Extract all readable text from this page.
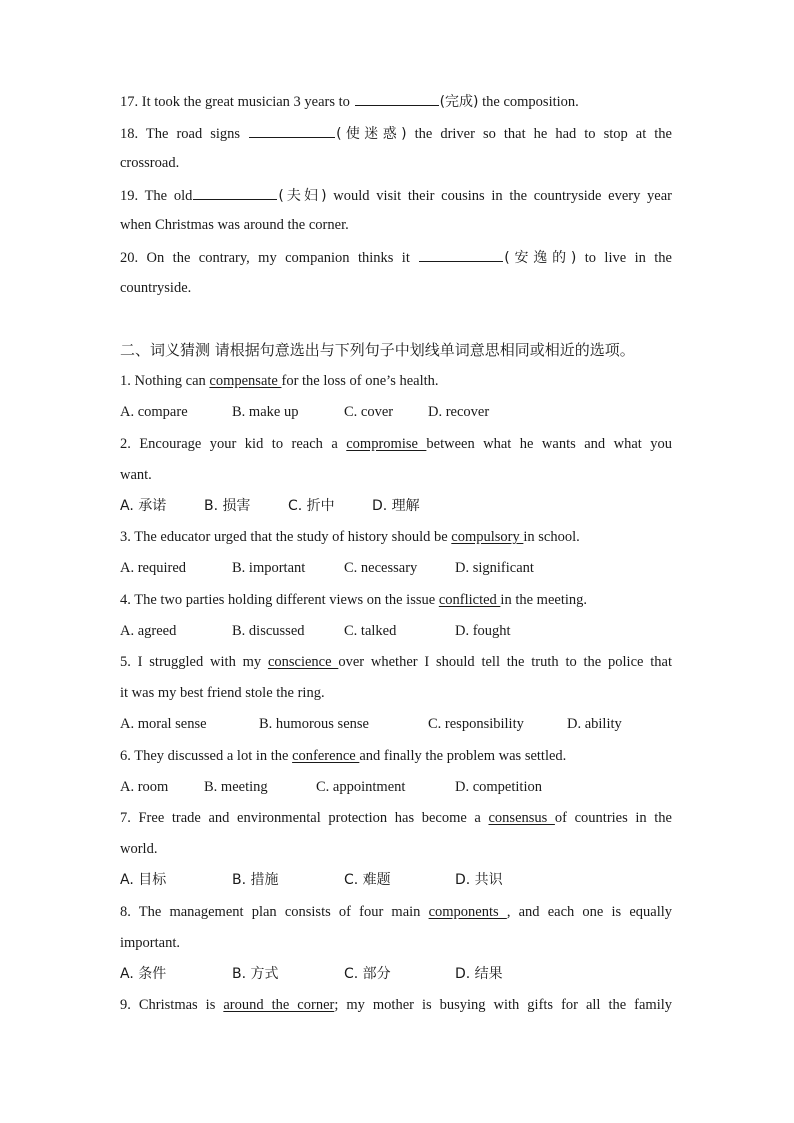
17. It took the great musician 3 years to	(完成) the composition.
18. The road signs	(使迷惑) the driver so that he had to stop at the
crossroad.
19. The old	(夫妇) would visit their cousins in the countryside every year
when Christmas was around the corner.
20. On the contrary, my companion thinks it	(安逸的) to live in the
countryside.
二、词义猜测 请根据句意选出与下列句子中划线单词意思相同或相近的选项。
1. Nothing can compensate for the loss of one’s health.
A. compare	B. make up	C. cover D. recover
2. Encourage your kid to reach a compromise between what he wants and what you
want.
A. 承诺	B. 损害	C. 折中	D. 理解
3. The educator urged that the study of history should be compulsory in school.
A. required	B. important	C. necessary	D. significant
4. The two parties holding different views on the issue conflicted in the meeting.
A. agreed	B. discussed	C. talked	D. fought
5. I struggled with my conscience over whether I should tell the truth to the police that
it was my best friend stole the ring.
A. moral sense	B. humorous sense	C. responsibility	D. ability
6. They discussed a lot in the conference and finally the problem was settled.
A. room B. meeting	C. appointment	D. competition
7. Free trade and environmental protection has become a consensus of countries in the
world.
A. 目标	B. 措施	C. 难题	D. 共识
8. The management plan consists of four main components , and each one is equally
important.
A. 条件	B. 方式	C. 部分	D. 结果
9. Christmas is around the corner; my mother is busying with gifts for all the family
